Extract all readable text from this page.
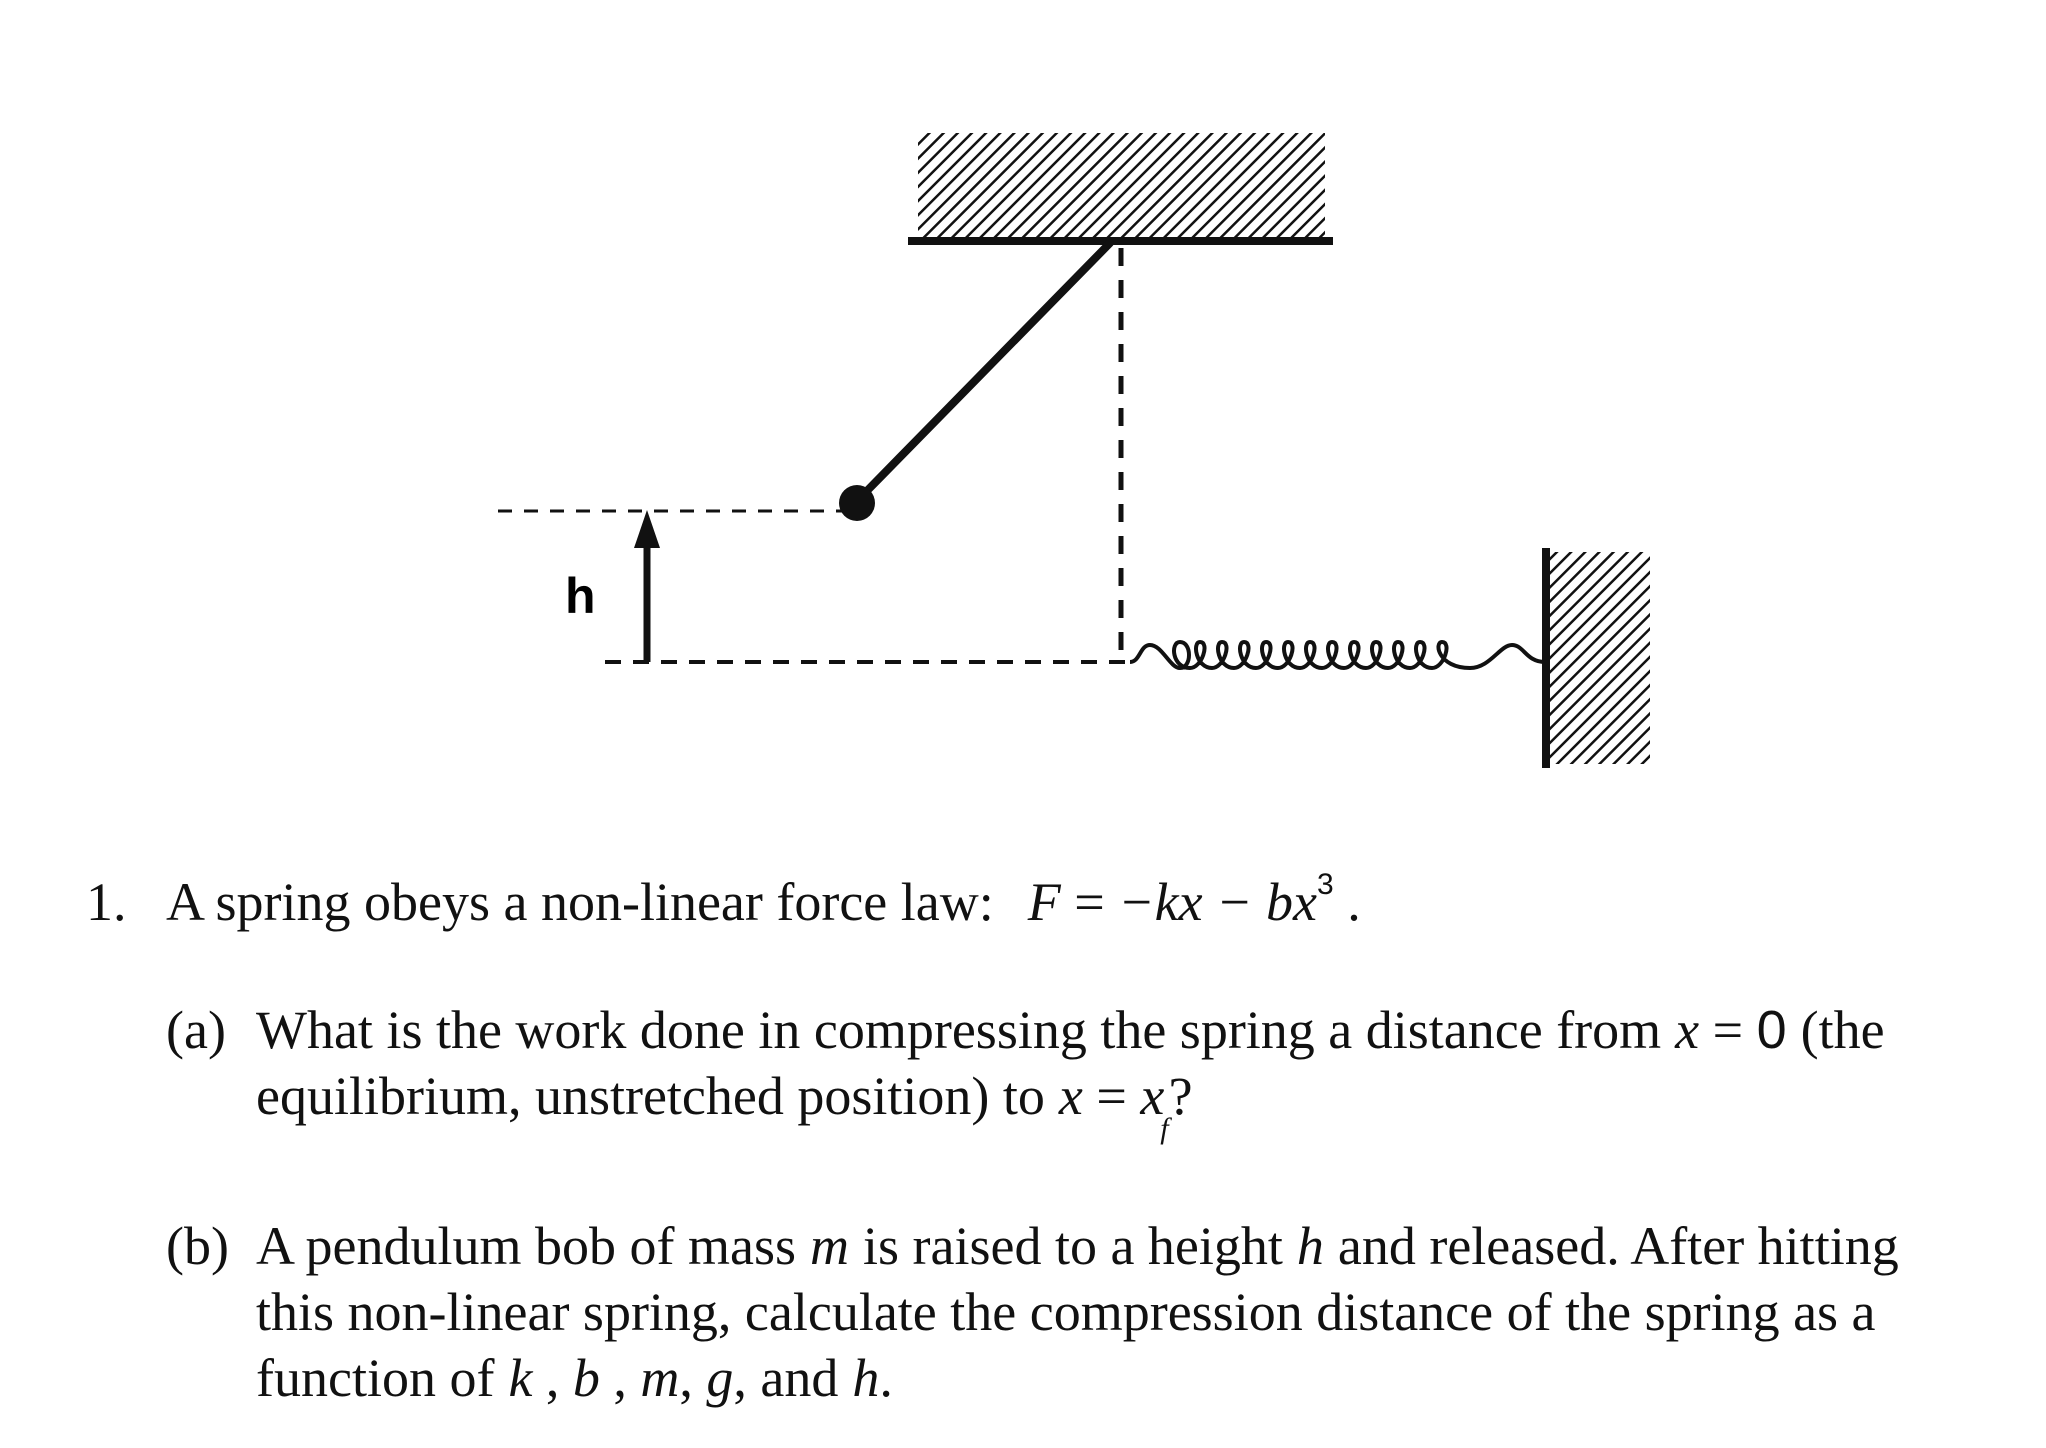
h
1. A spring obeys a non-linear force law: $F = -kx - bx^3$ .
(a) What is the work done in compressing the spring a distance from x = 0 (the
equilibrium, unstretched position) to $x = x_f$?
(b) A pendulum bob of mass m is raised to a height h and released. After hitting
this non-linear spring, calculate the compression distance of the spring as a
function of k , b , m, g, and h.
